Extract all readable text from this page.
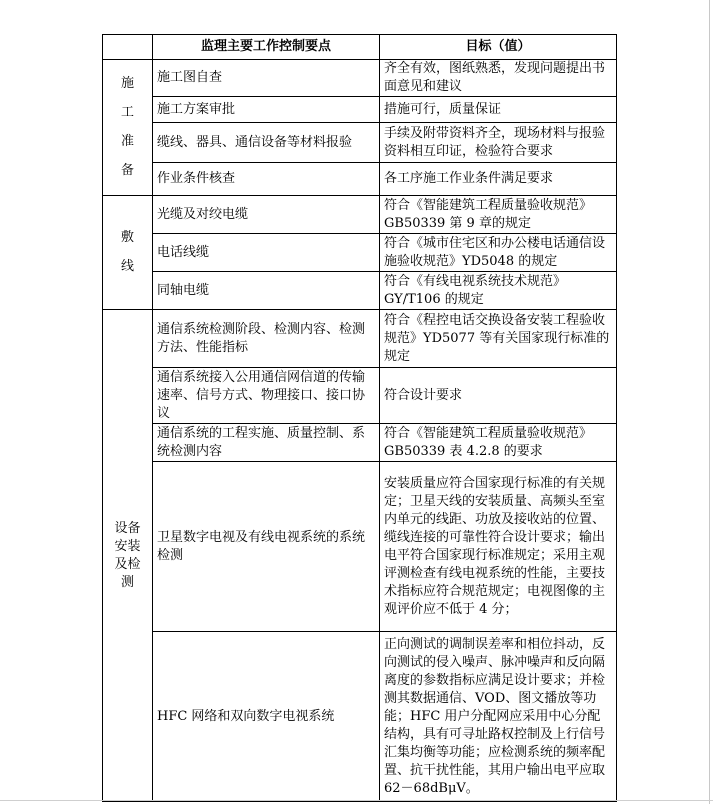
	监理主要工作控制要点	目标（值）

施
工
准
备	施工图自查	齐全有效，图纸熟悉，发现问题提出书面意见和建议
	施工方案审批	措施可行，质量保证
	缆线、器具、通信设备等材料报验	手续及附带资料齐全，现场材料与报验资料相互印证，检验符合要求
	作业条件核查	各工序施工作业条件满足要求

敷
线	光缆及对绞电缆	符合《智能建筑工程质量验收规范》GB50339 第 9 章的规定
	电话线缆	符合《城市住宅区和办公楼电话通信设施验收规范》YD5048 的规定
	同轴电缆	符合《有线电视系统技术规范》GY/T106 的规定

设备
安装
及检
测	通信系统检测阶段、检测内容、检测方法、性能指标	符合《程控电话交换设备安装工程验收规范》YD5077 等有关国家现行标准的规定
	通信系统接入公用通信网信道的传输速率、信号方式、物理接口、接口协议	符合设计要求
	通信系统的工程实施、质量控制、系统检测内容	符合《智能建筑工程质量验收规范》GB50339 表 4.2.8 的要求
	卫星数字电视及有线电视系统的系统检测	安装质量应符合国家现行标准的有关规定；卫星天线的安装质量、高频头至室内单元的线距、功放及接收站的位置、缆线连接的可靠性符合设计要求；输出电平符合国家现行标准规定；采用主观评测检查有线电视系统的性能，主要技术指标应符合规范规定；电视图像的主观评价应不低于 4 分；
	HFC 网络和双向数字电视系统	正向测试的调制误差率和相位抖动，反向测试的侵入噪声、脉冲噪声和反向隔离度的参数指标应满足设计要求；并检测其数据通信、VOD、图文播放等功能；HFC 用户分配网应采用中心分配结构，具有可寻址路权控制及上行信号汇集均衡等功能；应检测系统的频率配置、抗干扰性能，其用户输出电平应取 62－68dBμV。
